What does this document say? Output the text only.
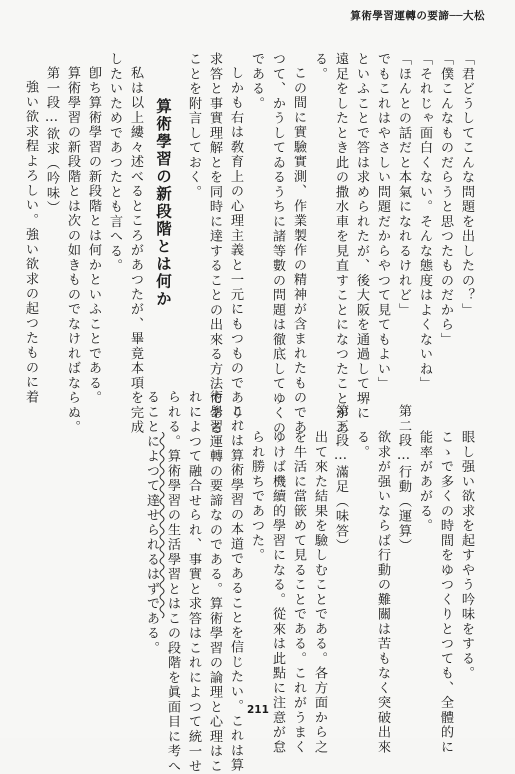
算術學習運轉の要諦──大松
「君どうしてこんな問題を出したの？」
「僕こんなものだらうと思つたものだから」
「それじゃ面白くない。そんな態度はよくないね」
「ほんとの話だと本氣になれるけれど」
でもこれはやさしい問題だからやつて見てもよい」
といふことで答は求められたが、後大阪を通過して堺に
遠足をしたとき此の撒水車を見直すことになつたことがあ
る。
この間に實驗實測、作業製作の精神が含まれたものであ
つて、かうしてゐるうちに諸等數の問題は徹底してゆくの
である。
しかも右は敎育上の心理主義と一元にもつものであり、
求答と事實理解とを同時に達することの出來る方法である
ことを附言しておく。
算術學習の新段階とは何か
私は以上縷々述べるところがあつたが、畢竟本項を完成
したいためであつたとも言へる。
卽ち算術學習の新段階とは何かといふことである。
算術學習の新段階とは次の如きものでなければならぬ。
第一段…欲求（吟味）
強い欲求程よろしい。強い欲求の起つたものに着
眼し强い欲求を起すやう吟味をする。
こゝで多くの時間をゆつくりとつても、全體的に
能率があがる。
第二段…行動（運算）
欲求が强いならば行動の難關は苦もなく突破出來
る。
第三段…滿足（味答）
出て來た結果を驗しむことである。各方面から之
を牛活に當篏めて見ることである。これがうまく
ゆけば機續的學習になる。從來は此點に注意が怠
られ勝ちであつた。
これは算術學習の本道であることを信じたい。これは算
術學習運轉の要諦なのである。算術學習の論理と心理はこ
れによつて融合せられ、事實と求答はこれによつて統一せ
られる。算術學習の生活學習とはこの段階を眞面目に考へ
ることによつて達せられるはずである。
211
